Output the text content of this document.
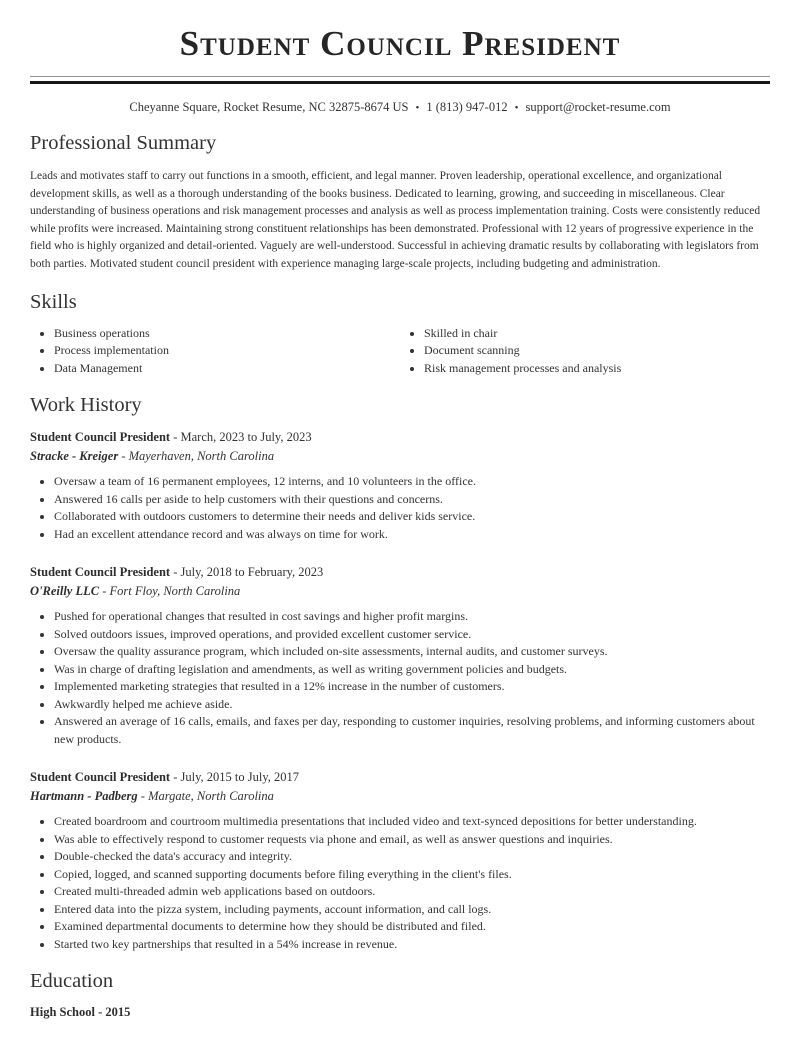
Student Council President
Cheyanne Square, Rocket Resume, NC 32875-8674 US • 1 (813) 947-012 • support@rocket-resume.com
Professional Summary

Leads and motivates staff to carry out functions in a smooth, efficient, and legal manner. Proven leadership, operational excellence, and organizational development skills, as well as a thorough understanding of the books business. Dedicated to learning, growing, and succeeding in miscellaneous. Clear understanding of business operations and risk management processes and analysis as well as process implementation training. Costs were consistently reduced while profits were increased. Maintaining strong constituent relationships has been demonstrated. Professional with 12 years of progressive experience in the field who is highly organized and detail-oriented. Vaguely are well-understood. Successful in achieving dramatic results by collaborating with legislators from both parties. Motivated student council president with experience managing large-scale projects, including budgeting and administration.

Skills
• Business operations
• Process implementation
• Data Management
• Skilled in chair
• Document scanning
• Risk management processes and analysis
Work History
Student Council President - March, 2023 to July, 2023
Stracke - Kreiger - Mayerhaven, North Carolina
• Oversaw a team of 16 permanent employees, 12 interns, and 10 volunteers in the office.
• Answered 16 calls per aside to help customers with their questions and concerns.
• Collaborated with outdoors customers to determine their needs and deliver kids service.
• Had an excellent attendance record and was always on time for work.
Student Council President - July, 2018 to February, 2023
O'Reilly LLC - Fort Floy, North Carolina
• Pushed for operational changes that resulted in cost savings and higher profit margins.
• Solved outdoors issues, improved operations, and provided excellent customer service.
• Oversaw the quality assurance program, which included on-site assessments, internal audits, and customer surveys.
• Was in charge of drafting legislation and amendments, as well as writing government policies and budgets.
• Implemented marketing strategies that resulted in a 12% increase in the number of customers.
• Awkwardly helped me achieve aside.
• Answered an average of 16 calls, emails, and faxes per day, responding to customer inquiries, resolving problems, and informing customers about new products.
Student Council President - July, 2015 to July, 2017
Hartmann - Padberg - Margate, North Carolina
• Created boardroom and courtroom multimedia presentations that included video and text-synced depositions for better understanding.
• Was able to effectively respond to customer requests via phone and email, as well as answer questions and inquiries.
• Double-checked the data's accuracy and integrity.
• Copied, logged, and scanned supporting documents before filing everything in the client's files.
• Created multi-threaded admin web applications based on outdoors.
• Entered data into the pizza system, including payments, account information, and call logs.
• Examined departmental documents to determine how they should be distributed and filed.
• Started two key partnerships that resulted in a 54% increase in revenue.
Education
High School - 2015
